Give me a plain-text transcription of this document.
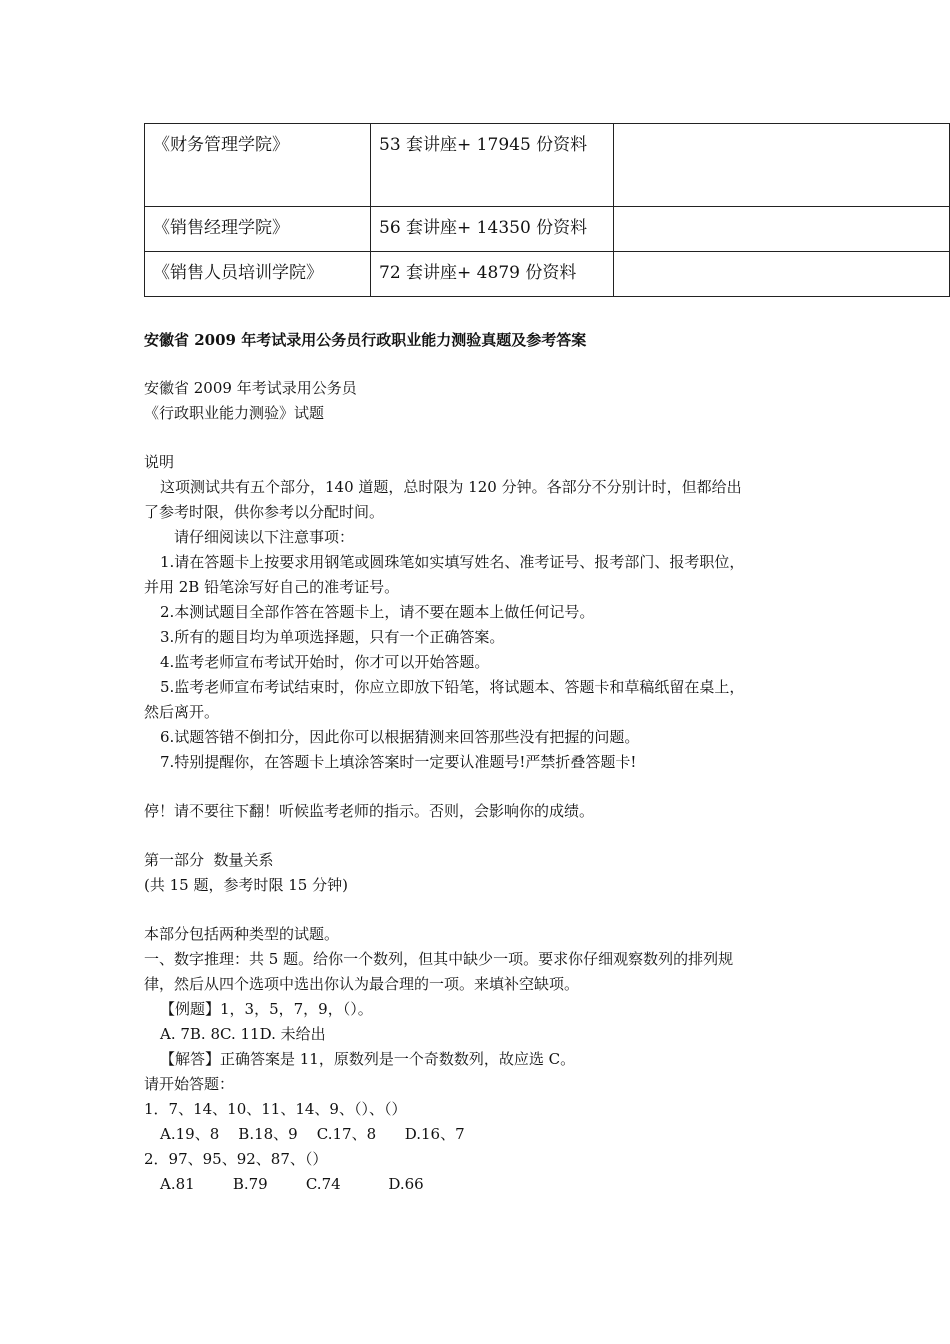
《财务管理学院》	53 套讲座+ 17945 份资料	
《销售经理学院》	56 套讲座+ 14350 份资料	
《销售人员培训学院》	72 套讲座+ 4879 份资料	

安徽省 2009 年考试录用公务员行政职业能力测验真题及参考答案

安徽省 2009 年考试录用公务员

《行政职业能力测验》试题

说明

这项测试共有五个部分，140 道题，总时限为 120 分钟。各部分不分别计时，但都给出

了参考时限，供你参考以分配时间。

请仔细阅读以下注意事项：

1.请在答题卡上按要求用钢笔或圆珠笔如实填写姓名、准考证号、报考部门、报考职位，

并用 2B 铅笔涂写好自己的准考证号。

2.本测试题目全部作答在答题卡上，请不要在题本上做任何记号。

3.所有的题目均为单项选择题，只有一个正确答案。

4.监考老师宣布考试开始时，你才可以开始答题。

5.监考老师宣布考试结束时，你应立即放下铅笔，将试题本、答题卡和草稿纸留在桌上，

然后离开。

6.试题答错不倒扣分，因此你可以根据猜测来回答那些没有把握的问题。

7.特别提醒你，在答题卡上填涂答案时一定要认准题号!严禁折叠答题卡!

停！请不要往下翻！听候监考老师的指示。否则，会影响你的成绩。

第一部分  数量关系

(共 15 题，参考时限 15 分钟)

本部分包括两种类型的试题。

一、数字推理：共 5 题。给你一个数列，但其中缺少一项。要求你仔细观察数列的排列规

律，然后从四个选项中选出你认为最合理的一项。来填补空缺项。

【例题】1，3，5，7，9，（）。

A. 7B. 8C. 11D. 未给出

【解答】正确答案是 11，原数列是一个奇数数列，故应选 C。

请开始答题：

1．7、14、10、11、14、9、（）、（）

A.19、8    B.18、9    C.17、8      D.16、7

2．97、95、92、87、（）

A.81        B.79        C.74          D.66
